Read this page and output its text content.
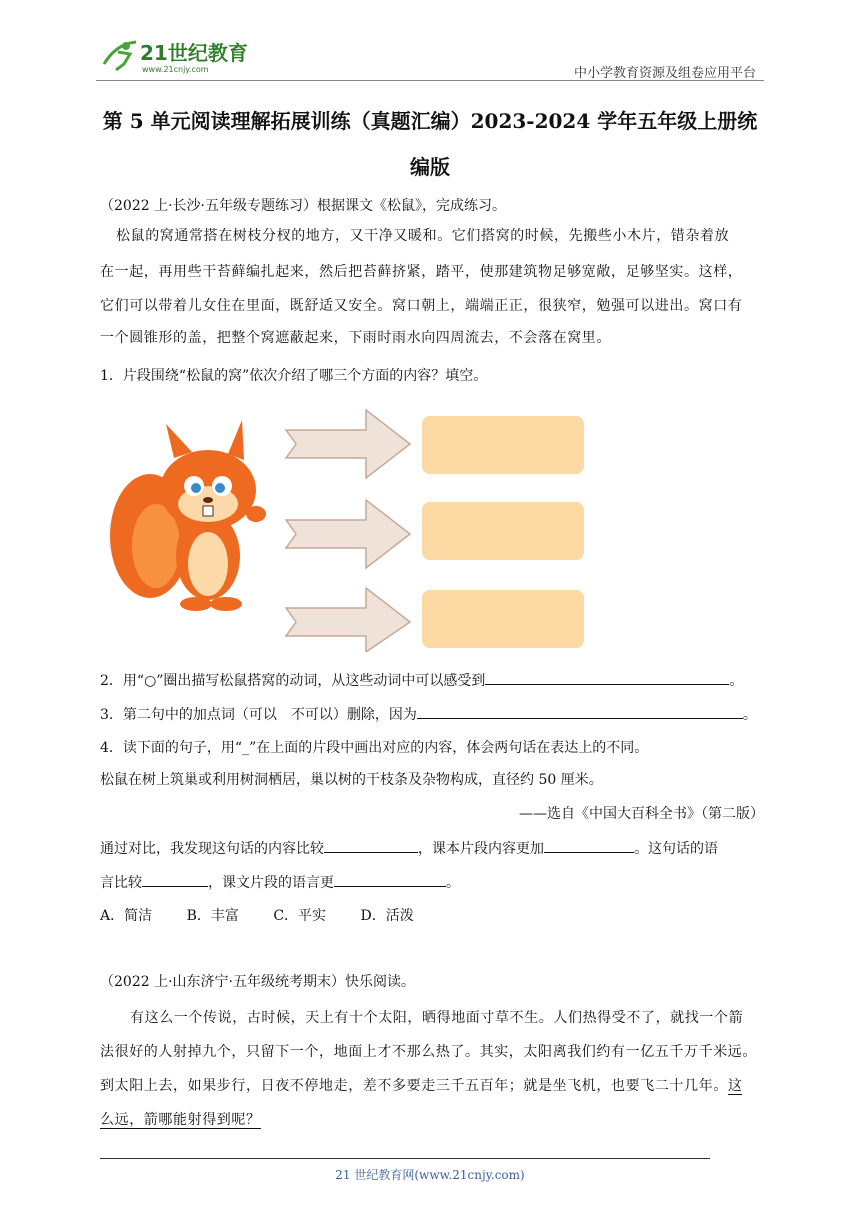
21世纪教育
www.21cnjy.com	中小学教育资源及组卷应用平台
第 5 单元阅读理解拓展训练（真题汇编）2023-2024 学年五年级上册统
编版
（2022 上·长沙·五年级专题练习）根据课文《松鼠》，完成练习。
松鼠的窝通常搭在树枝分杈的地方，又干净又暖和。它们搭窝的时候，先搬些小木片，错杂着放
在一起，再用些干苔藓编扎起来，然后把苔藓挤紧，踏平，使那建筑物足够宽敞，足够坚实。这样，
它们可以带着儿女住在里面，既舒适又安全。窝口朝上，端端正正，很狭窄，勉强可以进出。窝口有
一个圆锥形的盖，把整个窝遮蔽起来，下雨时雨水向四周流去，不会落在窝里。
1．片段围绕“松鼠的窝”依次介绍了哪三个方面的内容？填空。
2．用“○”圈出描写松鼠搭窝的动词，从这些动词中可以感受到	。
3．第二句中的加点词（可以　不可以）删除，因为	。
4．读下面的句子，用“_”在上面的片段中画出对应的内容，体会两句话在表达上的不同。
松鼠在树上筑巢或利用树洞栖居，巢以树的干枝条及杂物构成，直径约 50 厘米。
——选自《中国大百科全书》（第二版）
通过对比，我发现这句话的内容比较	，课本片段内容更加	。这句话的语
言比较	，课文片段的语言更	。
A．简洁 B．丰富 C．平实 D．活泼
（2022 上·山东济宁·五年级统考期末）快乐阅读。
有这么一个传说，古时候，天上有十个太阳，晒得地面寸草不生。人们热得受不了，就找一个箭
法很好的人射掉九个，只留下一个，地面上才不那么热了。其实，太阳离我们约有一亿五千万千米远。
到太阳上去，如果步行，日夜不停地走，差不多要走三千五百年；就是坐飞机，也要飞二十几年。这
么远，箭哪能射得到呢？
21 世纪教育网(www.21cnjy.com)
